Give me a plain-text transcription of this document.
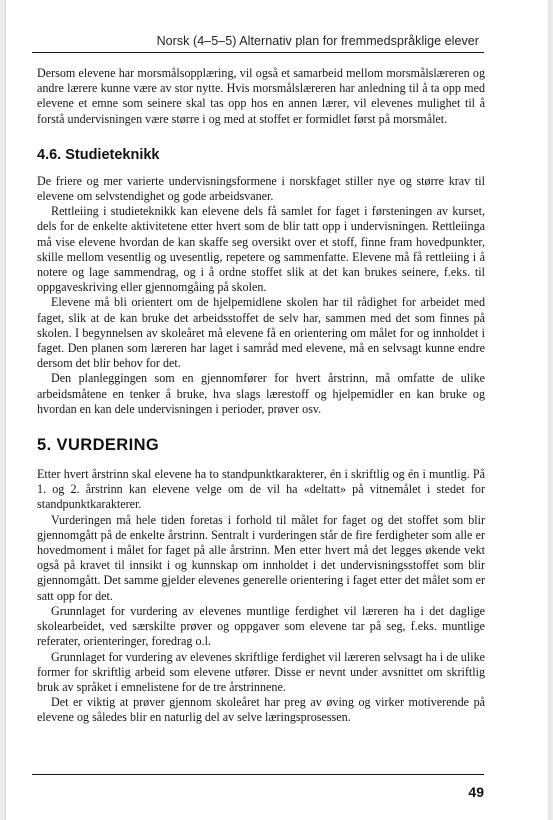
Norsk (4–5–5) Alternativ plan for fremmedspråklige elever

Dersom elevene har morsmålsopplæring, vil også et samarbeid mellom morsmålslæreren og andre lærere kunne være av stor nytte. Hvis morsmålslæreren har anledning til å ta opp med elevene et emne som seinere skal tas opp hos en annen lærer, vil elevenes mulighet til å forstå undervisningen være større i og med at stoffet er formidlet først på morsmålet.

4.6. Studieteknikk

De friere og mer varierte undervisningsformene i norskfaget stiller nye og større krav til elevene om selvstendighet og gode arbeidsvaner.

Rettleiing i studieteknikk kan elevene dels få samlet for faget i førsteningen av kurset, dels for de enkelte aktivitetene etter hvert som de blir tatt opp i undervisningen. Rettleiinga må vise elevene hvordan de kan skaffe seg oversikt over et stoff, finne fram hovedpunkter, skille mellom vesentlig og uvesentlig, repetere og sammenfatte. Elevene må få rettleiing i å notere og lage sammendrag, og i å ordne stoffet slik at det kan brukes seinere, f.eks. til oppgaveskriving eller gjennomgåing på skolen.

Elevene må bli orientert om de hjelpemidlene skolen har til rådighet for arbeidet med faget, slik at de kan bruke det arbeidsstoffet de selv har, sammen med det som finnes på skolen. I begynnelsen av skoleåret må elevene få en orientering om målet for og innholdet i faget. Den planen som læreren har laget i samråd med elevene, må en selvsagt kunne endre dersom det blir behov for det.

Den planleggingen som en gjennomfører for hvert årstrinn, må omfatte de ulike arbeidsmåtene en tenker å bruke, hva slags lærestoff og hjelpemidler en kan bruke og hvordan en kan dele undervisningen i perioder, prøver osv.

5. VURDERING

Etter hvert årstrinn skal elevene ha to standpunktkarakterer, én i skriftlig og én i muntlig. På 1. og 2. årstrinn kan elevene velge om de vil ha «deltatt» på vitnemålet i stedet for standpunktkarakterer.

Vurderingen må hele tiden foretas i forhold til målet for faget og det stoffet som blir gjennomgått på de enkelte årstrinn. Sentralt i vurderingen står de fire ferdigheter som alle er hovedmoment i målet for faget på alle årstrinn. Men etter hvert må det legges økende vekt også på kravet til innsikt i og kunnskap om innholdet i det undervisningsstoffet som blir gjennomgått. Det samme gjelder elevenes generelle orientering i faget etter det målet som er satt opp for det.

Grunnlaget for vurdering av elevenes muntlige ferdighet vil læreren ha i det daglige skolearbeidet, ved særskilte prøver og oppgaver som elevene tar på seg, f.eks. muntlige referater, orienteringer, foredrag o.l.

Grunnlaget for vurdering av elevenes skriftlige ferdighet vil læreren selvsagt ha i de ulike former for skriftlig arbeid som elevene utfører. Disse er nevnt under avsnittet om skriftlig bruk av språket i emnelistene for de tre årstrinnene.

Det er viktig at prøver gjennom skoleåret har preg av øving og virker motiverende på elevene og således blir en naturlig del av selve læringsprosessen.

49
